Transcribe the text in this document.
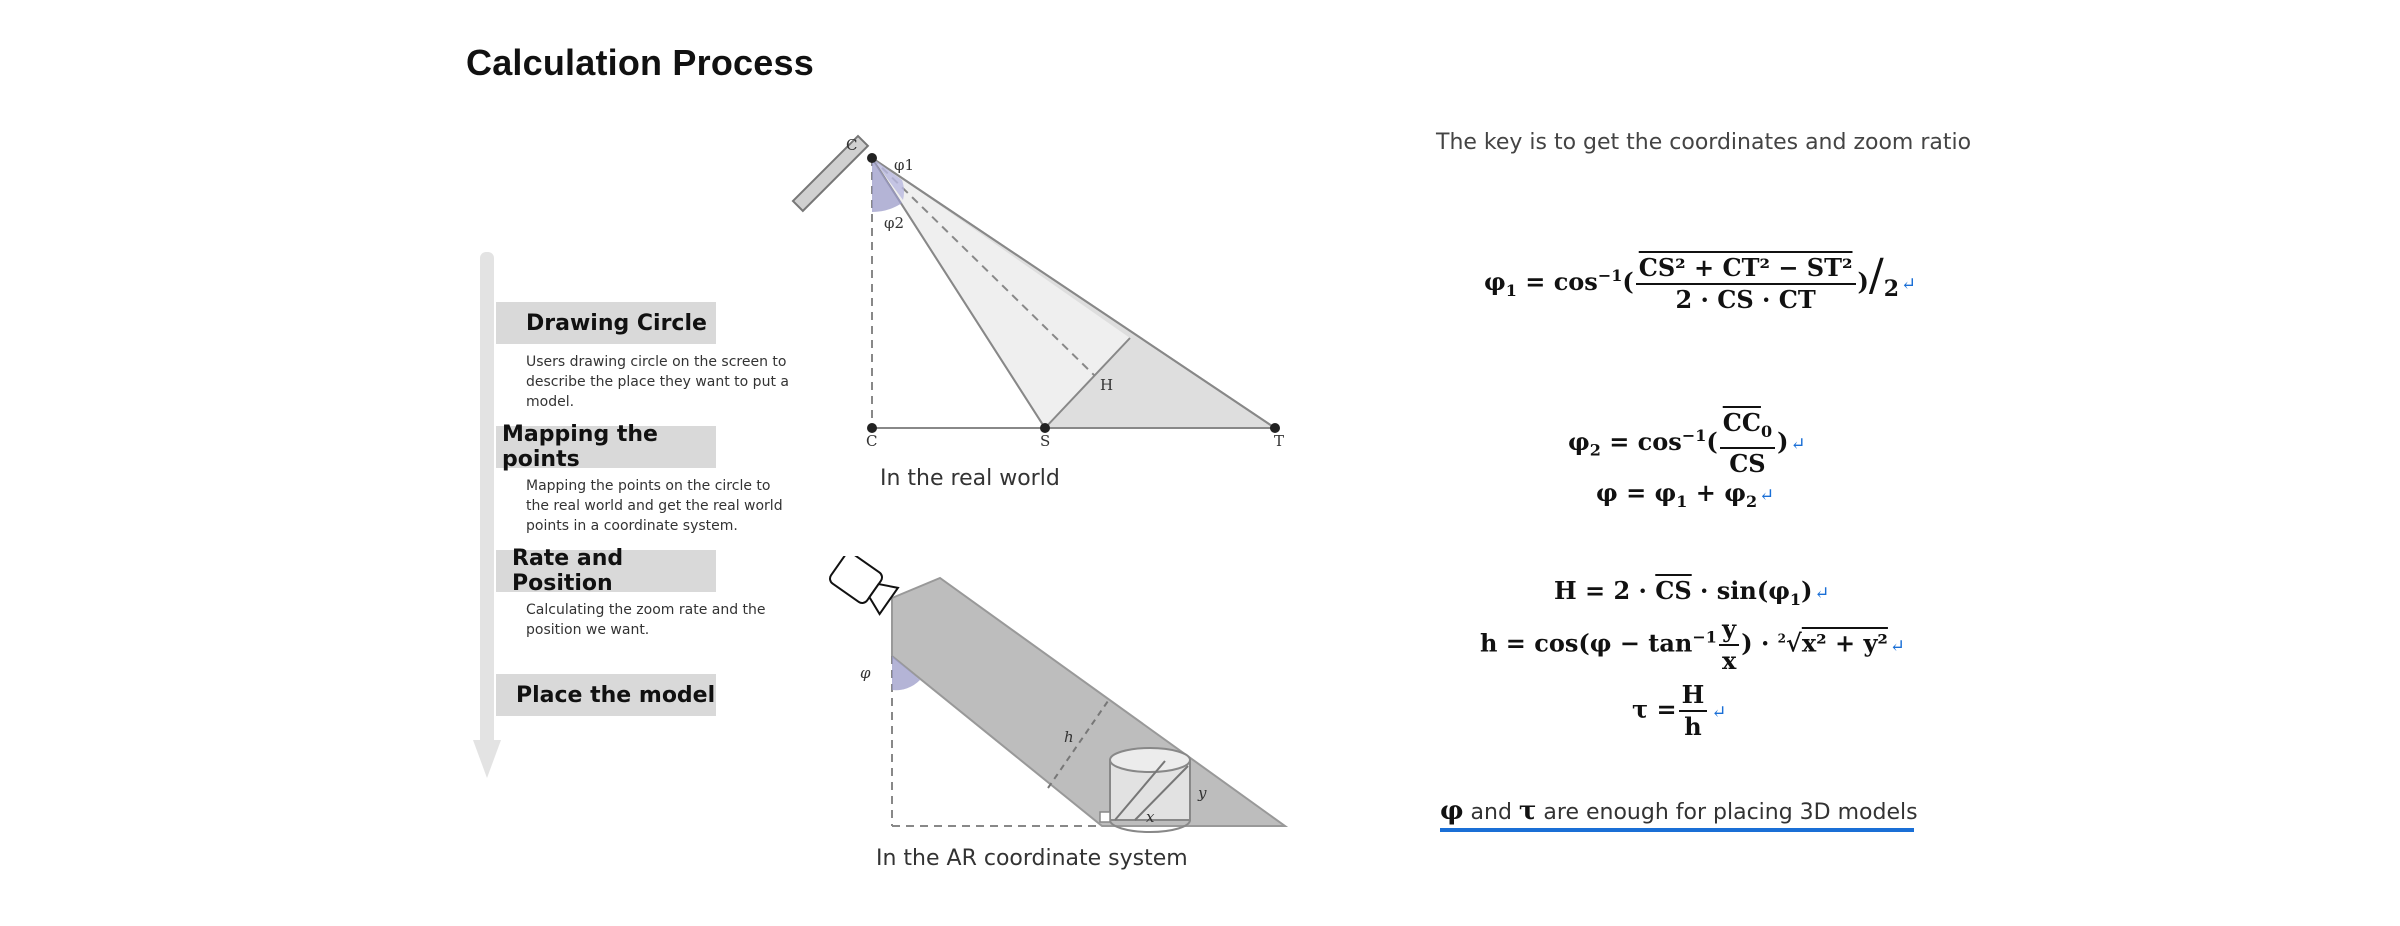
Calculation Process
Drawing Circle
Users drawing circle on the screen to describe the place they want to put a model.
Mapping the points
Mapping the points on the circle to the real world and get the real world points in a coordinate system.
Rate and Position
Calculating the zoom rate and the position we want.
Place the model
C
φ1
φ2
H
C	S	T
In the real world
φ
h
y
x
In the AR coordinate system
The key is to get the coordinates and zoom ratio
$\varphi_1 = \cos^{-1}( \frac{\text{CS² + CT² − ST²}}{2 \cdot CS \cdot CT} )/_2$ ↵
$\varphi_2 = \cos^{-1}( \frac{\overline{CC}_0}{CS}$ ) ↵
$\varphi = \varphi_1 + \varphi_2$ ↵
$H = 2 \cdot \overline{CS} \cdot \sin(\varphi_1)$ ↵
$h = \cos(\varphi - \tan^{-1} \frac{y}{x}$ ) · $^2$√x² + y² ↵
$\tau = \frac{H}{h}$ ↵
φ and τ are enough for placing 3D models
